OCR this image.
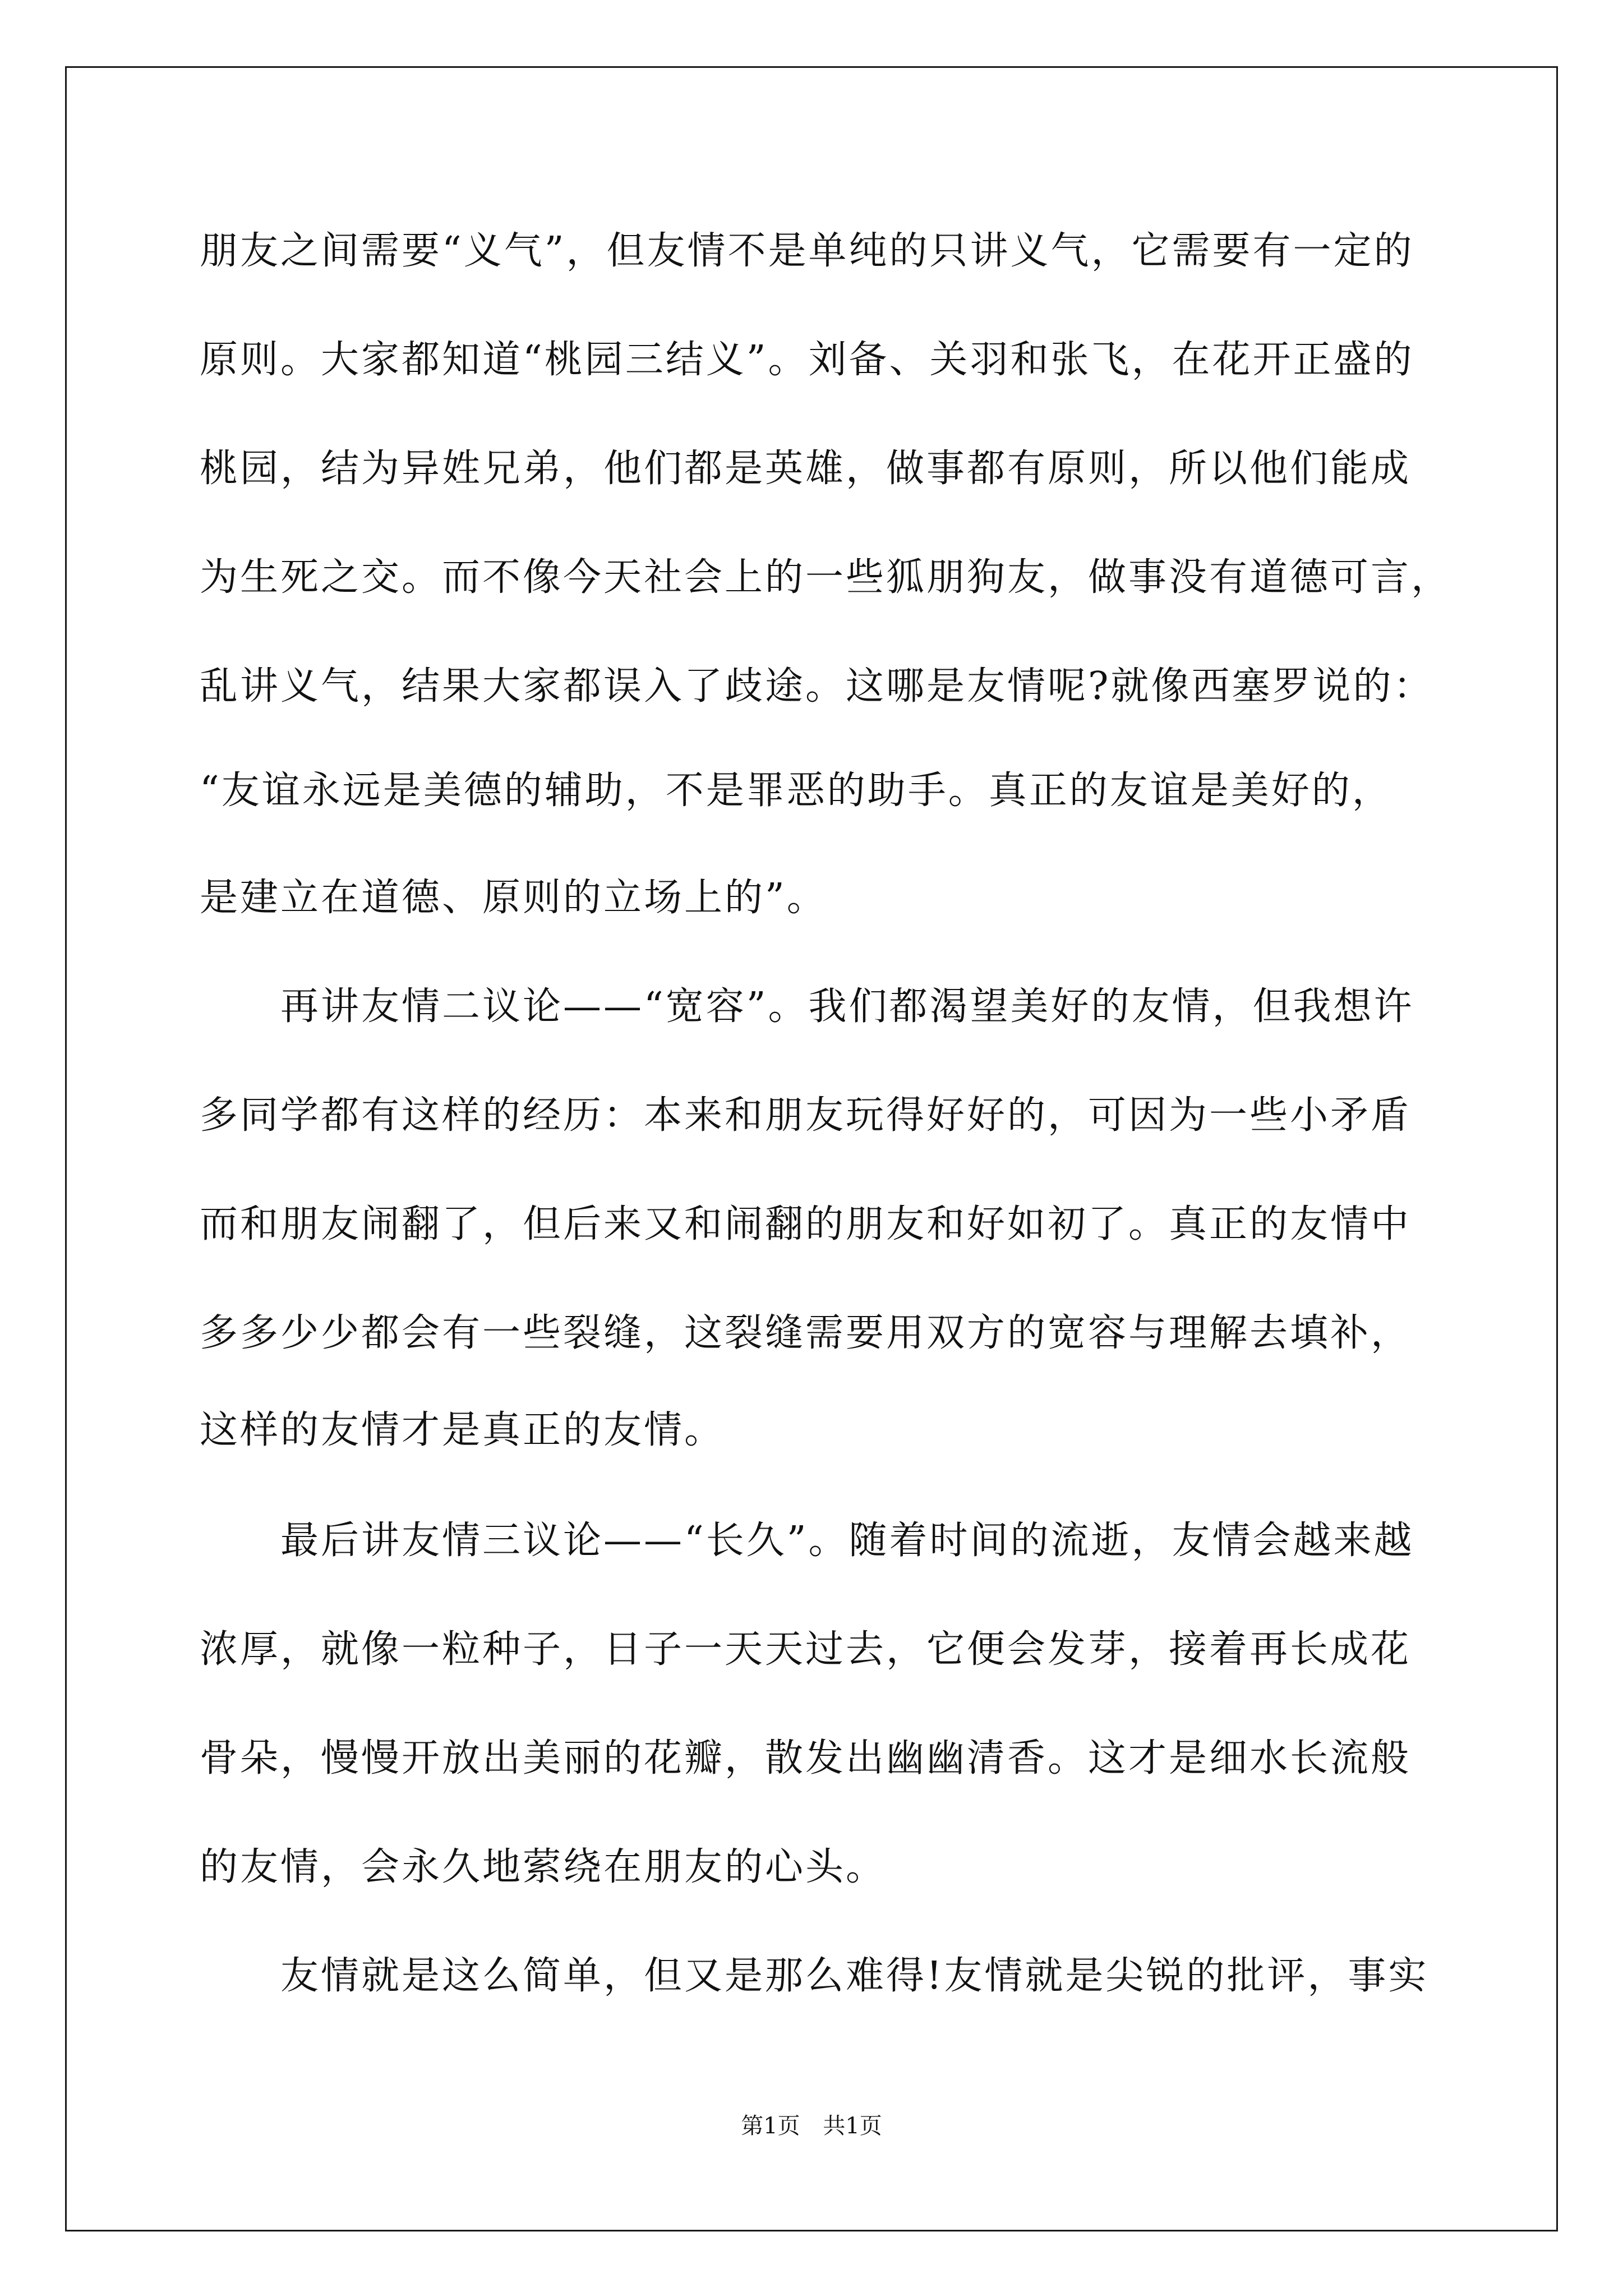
朋友之间需要“义气”，但友情不是单纯的只讲义气，它需要有一定的
原则。大家都知道“桃园三结义”。刘备、关羽和张飞，在花开正盛的
桃园，结为异姓兄弟，他们都是英雄，做事都有原则，所以他们能成
为生死之交。而不像今天社会上的一些狐朋狗友，做事没有道德可言，
乱讲义气，结果大家都误入了歧途。这哪是友情呢?就像西塞罗说的：
“友谊永远是美德的辅助，不是罪恶的助手。真正的友谊是美好的，
是建立在道德、原则的立场上的”。
再讲友情二议论——“宽容”。我们都渴望美好的友情，但我想许
多同学都有这样的经历：本来和朋友玩得好好的，可因为一些小矛盾
而和朋友闹翻了，但后来又和闹翻的朋友和好如初了。真正的友情中
多多少少都会有一些裂缝，这裂缝需要用双方的宽容与理解去填补，
这样的友情才是真正的友情。
最后讲友情三议论——“长久”。随着时间的流逝，友情会越来越
浓厚，就像一粒种子，日子一天天过去，它便会发芽，接着再长成花
骨朵，慢慢开放出美丽的花瓣，散发出幽幽清香。这才是细水长流般
的友情，会永久地萦绕在朋友的心头。
友情就是这么简单，但又是那么难得!友情就是尖锐的批评，事实
第1页 共1页
